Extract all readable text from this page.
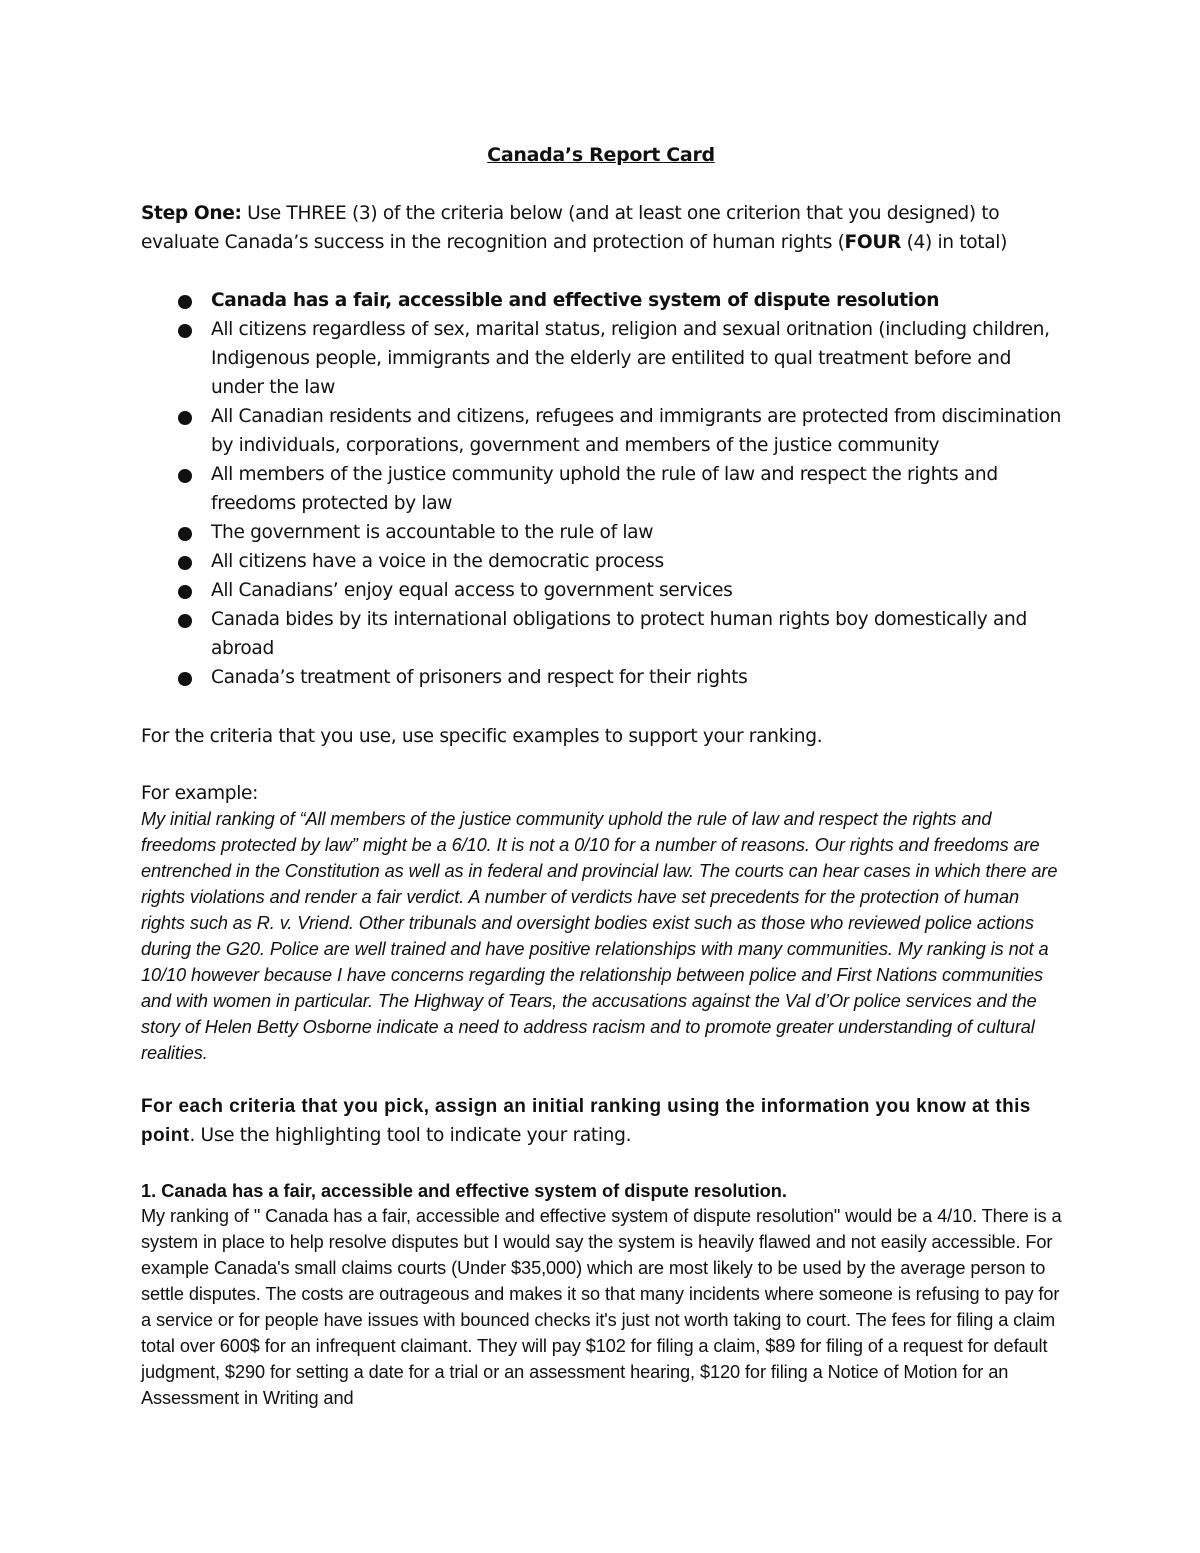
Canada’s Report Card
Step One: Use THREE (3) of the criteria below (and at least one criterion that you designed) to evaluate Canada’s success in the recognition and protection of human rights (FOUR (4) in total)
Canada has a fair, accessible and effective system of dispute resolution
All citizens regardless of sex, marital status, religion and sexual oritnation (including children, Indigenous people, immigrants and the elderly are entilited to qual treatment before and under the law
All Canadian residents and citizens, refugees and immigrants are protected from discimination by individuals, corporations, government and members of the justice community
All members of the justice community uphold the rule of law and respect the rights and freedoms protected by law
The government is accountable to the rule of law
All citizens have a voice in the democratic process
All Canadians’ enjoy equal access to government services
Canada bides by its international obligations to protect human rights boy domestically and abroad
Canada’s treatment of prisoners and respect for their rights
For the criteria that you use, use specific examples to support your ranking.
For example:
My initial ranking of “All members of the justice community uphold the rule of law and respect the rights and freedoms protected by law” might be a 6/10. It is not a 0/10 for a number of reasons. Our rights and freedoms are entrenched in the Constitution as well as in federal and provincial law. The courts can hear cases in which there are rights violations and render a fair verdict. A number of verdicts have set precedents for the protection of human rights such as R. v. Vriend. Other tribunals and oversight bodies exist such as those who reviewed police actions during the G20. Police are well trained and have positive relationships with many communities. My ranking is not a 10/10 however because I have concerns regarding the relationship between police and First Nations communities and with women in particular. The Highway of Tears, the accusations against the Val d’Or police services and the story of Helen Betty Osborne indicate a need to address racism and to promote greater understanding of cultural realities.
For each criteria that you pick, assign an initial ranking using the information you know at this point. Use the highlighting tool to indicate your rating.
1. Canada has a fair, accessible and effective system of dispute resolution.
My ranking of " Canada has a fair, accessible and effective system of dispute resolution" would be a 4/10. There is a system in place to help resolve disputes but I would say the system is heavily flawed and not easily accessible. For example Canada's small claims courts (Under $35,000) which are most likely to be used by the average person to settle disputes. The costs are outrageous and makes it so that many incidents where someone is refusing to pay for a service or for people have issues with bounced checks it's just not worth taking to court. The fees for filing a claim total over 600$ for an infrequent claimant. They will pay $102 for filing a claim, $89 for filing of a request for default judgment, $290 for setting a date for a trial or an assessment hearing, $120 for filing a Notice of Motion for an Assessment in Writing and
